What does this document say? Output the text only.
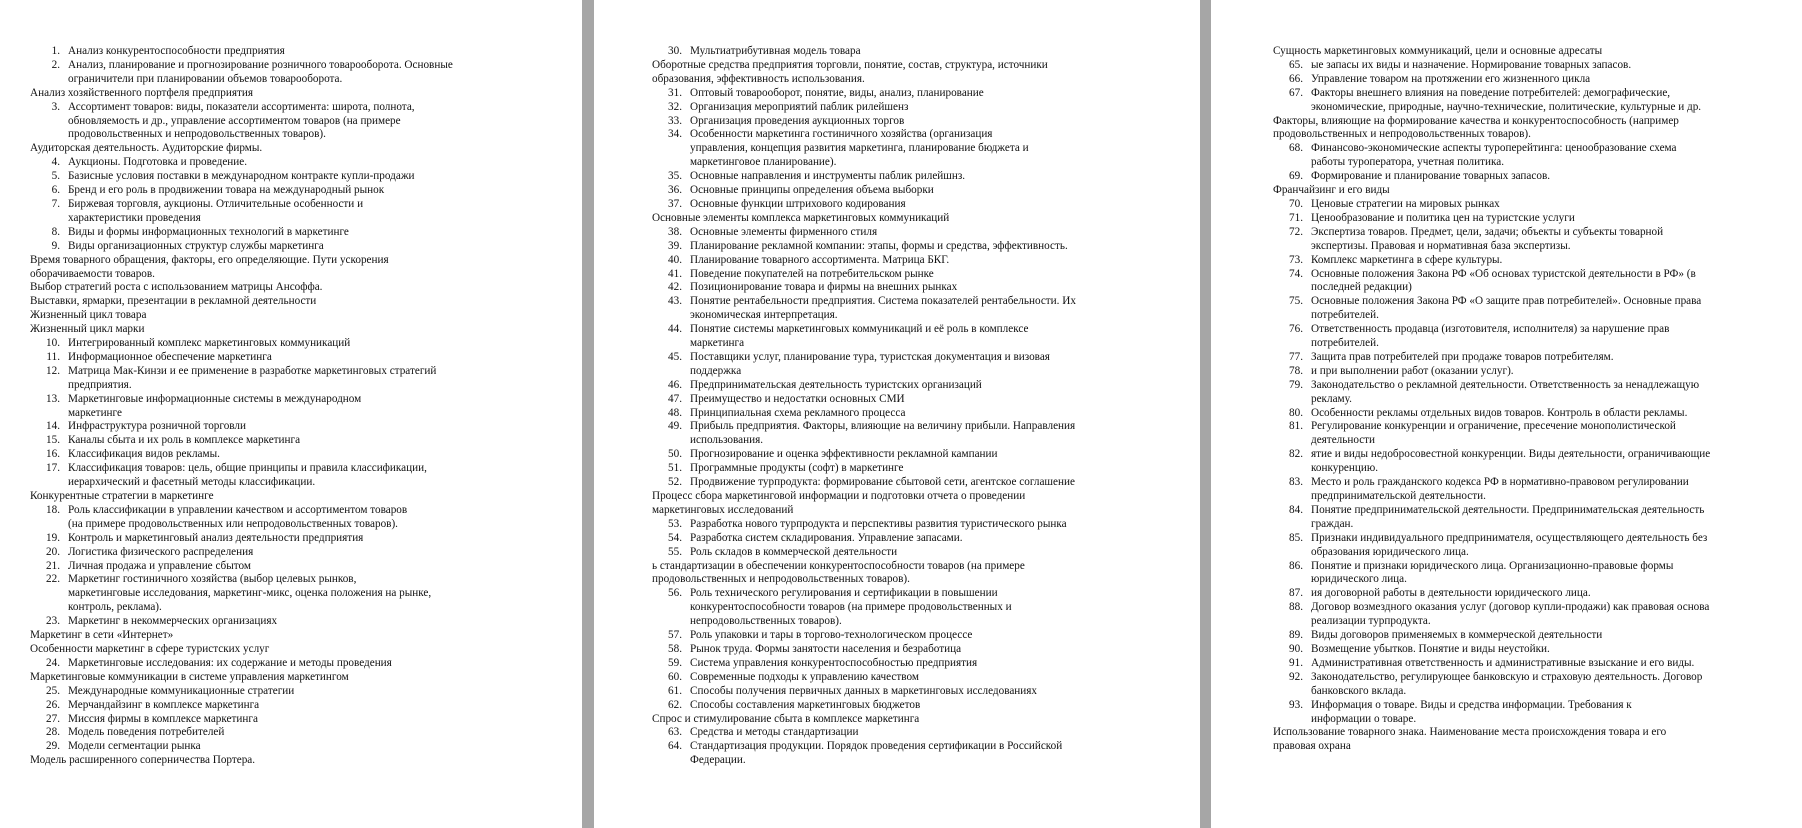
1. Анализ конкурентоспособности предприятия
2. Анализ, планирование и прогнозирование розничного товарооборота. Основные
ограничители при планировании объемов товарооборота.
Анализ хозяйственного портфеля предприятия
3. Ассортимент товаров: виды, показатели ассортимента: широта, полнота,
обновляемость и др., управление ассортиментом товаров (на примере
продовольственных и непродовольственных товаров).
Аудиторская деятельность. Аудиторские фирмы.
4. Аукционы. Подготовка и проведение.
5. Базисные условия поставки в международном контракте купли-продажи
6. Бренд и его роль в продвижении товара на международный рынок
7. Биржевая торговля, аукционы. Отличительные особенности и
характеристики проведения
8. Виды и формы информационных технологий в маркетинге
9. Виды организационных структур службы маркетинга
Время товарного обращения, факторы, его определяющие. Пути ускорения
оборачиваемости товаров.
Выбор стратегий роста с использованием матрицы Ансоффа.
Выставки, ярмарки, презентации в рекламной деятельности
Жизненный цикл товара
Жизненный цикл марки
10. Интегрированный комплекс маркетинговых коммуникаций
11. Информационное обеспечение маркетинга
12. Матрица Мак-Кинзи и ее применение в разработке маркетинговых стратегий
предприятия.
13. Маркетинговые информационные системы в международном
маркетинге
14. Инфраструктура розничной торговли
15. Каналы сбыта и их роль в комплексе маркетинга
16. Классификация видов рекламы.
17. Классификация товаров: цель, общие принципы и правила классификации,
иерархический и фасетный методы классификации.
Конкурентные стратегии в маркетинге
18. Роль классификации в управлении качеством и ассортиментом товаров
(на примере продовольственных или непродовольственных товаров).
19. Контроль и маркетинговый анализ деятельности предприятия
20. Логистика физического распределения
21. Личная продажа и управление сбытом
22. Маркетинг гостиничного хозяйства (выбор целевых рынков,
маркетинговые исследования, маркетинг-микс, оценка положения на рынке,
контроль, реклама).
23. Маркетинг в некоммерческих организациях
Маркетинг в сети «Интернет»
Особенности маркетинг в сфере туристских услуг
24. Маркетинговые исследования: их содержание и методы проведения
Маркетинговые коммуникации в системе управления маркетингом
25. Международные коммуникационные стратегии
26. Мерчандайзинг в комплексе маркетинга
27. Миссия фирмы в комплексе маркетинга
28. Модель поведения потребителей
29. Модели сегментации рынка
Модель расширенного соперничества Портера.
30. Мультиатрибутивная модель товара
Оборотные средства предприятия торговли, понятие, состав, структура, источники
образования, эффективность использования.
31. Оптовый товарооборот, понятие, виды, анализ, планирование
32. Организация мероприятий паблик рилейшенз
33. Организация проведения аукционных торгов
34. Особенности маркетинга гостиничного хозяйства (организация
управления, концепция развития маркетинга, планирование бюджета и
маркетинговое планирование).
35. Основные направления и инструменты паблик рилейшнз.
36. Основные принципы определения объема выборки
37. Основные функции штрихового кодирования
Основные элементы комплекса маркетинговых коммуникаций
38. Основные элементы фирменного стиля
39. Планирование рекламной компании: этапы, формы и средства, эффективность.
40. Планирование товарного ассортимента. Матрица БКГ.
41. Поведение покупателей на потребительском рынке
42. Позиционирование товара и фирмы на внешних рынках
43. Понятие рентабельности предприятия. Система показателей рентабельности. Их
экономическая интерпретация.
44. Понятие системы маркетинговых коммуникаций и её роль в комплексе
маркетинга
45. Поставщики услуг, планирование тура, туристская документация и визовая
поддержка
46. Предпринимательская деятельность туристских организаций
47. Преимущество и недостатки основных СМИ
48. Принципиальная схема рекламного процесса
49. Прибыль предприятия. Факторы, влияющие на величину прибыли. Направления
использования.
50. Прогнозирование и оценка эффективности рекламной кампании
51. Программные продукты (софт) в маркетинге
52. Продвижение турпродукта: формирование сбытовой сети, агентское соглашение
Процесс сбора маркетинговой информации и подготовки отчета о проведении
маркетинговых исследований
53. Разработка нового турпродукта и перспективы развития туристического рынка
54. Разработка систем складирования. Управление запасами.
55. Роль складов в коммерческой деятельности
ь стандартизации в обеспечении конкурентоспособности товаров (на примере
продовольственных и непродовольственных товаров).
56. Роль технического регулирования и сертификации в повышении
конкурентоспособности товаров (на примере продовольственных и
непродовольственных товаров).
57. Роль упаковки и тары в торгово-технологическом процессе
58. Рынок труда. Формы занятости населения и безработица
59. Система управления конкурентоспособностью предприятия
60. Современные подходы к управлению качеством
61. Способы получения первичных данных в маркетинговых исследованиях
62. Способы составления маркетинговых бюджетов
Спрос и стимулирование сбыта в комплексе маркетинга
63. Средства и методы стандартизации
64. Стандартизация продукции. Порядок проведения сертификации в Российской
Федерации.
Сущность маркетинговых коммуникаций, цели и основные адресаты
65. ые запасы их виды и назначение. Нормирование товарных запасов.
66. Управление товаром на протяжении его жизненного цикла
67. Факторы внешнего влияния на поведение потребителей: демографические,
экономические, природные, научно-технические, политические, культурные и др.
Факторы, влияющие на формирование качества и конкурентоспособность (например
продовольственных и непродовольственных товаров).
68. Финансово-экономические аспекты туроперейтинга: ценообразование схема
работы туроператора, учетная политика.
69. Формирование и планирование товарных запасов.
Франчайзинг и его виды
70. Ценовые стратегии на мировых рынках
71. Ценообразование и политика цен на туристские услуги
72. Экспертиза товаров. Предмет, цели, задачи; объекты и субъекты товарной
экспертизы. Правовая и нормативная база экспертизы.
73. Комплекс маркетинга в сфере культуры.
74. Основные положения Закона РФ «Об основах туристской деятельности в РФ» (в
последней редакции)
75. Основные положения Закона РФ «О защите прав потребителей». Основные права
потребителей.
76. Ответственность продавца (изготовителя, исполнителя) за нарушение прав
потребителей.
77. Защита прав потребителей при продаже товаров потребителям.
78. и при выполнении работ (оказании услуг).
79. Законодательство о рекламной деятельности. Ответственность за ненадлежащую
рекламу.
80. Особенности рекламы отдельных видов товаров. Контроль в области рекламы.
81. Регулирование конкуренции и ограничение, пресечение монополистической
деятельности
82. ятие и виды недобросовестной конкуренции. Виды деятельности, ограничивающие
конкуренцию.
83. Место и роль гражданского кодекса РФ в нормативно-правовом регулировании
предпринимательской деятельности.
84. Понятие предпринимательской деятельности. Предпринимательская деятельность
граждан.
85. Признаки индивидуального предпринимателя, осуществляющего деятельность без
образования юридического лица.
86. Понятие и признаки юридического лица. Организационно-правовые формы
юридического лица.
87. ия договорной работы в деятельности юридического лица.
88. Договор возмездного оказания услуг (договор купли-продажи) как правовая основа
реализации турпродукта.
89. Виды договоров применяемых в коммерческой деятельности
90. Возмещение убытков. Понятие и виды неустойки.
91. Административная ответственность и административные взыскание и его виды.
92. Законодательство, регулирующее банковскую и страховую деятельность. Договор
банковского вклада.
93. Информация о товаре. Виды и средства информации. Требования к
информации о товаре.
Использование товарного знака. Наименование места происхождения товара и его
правовая охрана
